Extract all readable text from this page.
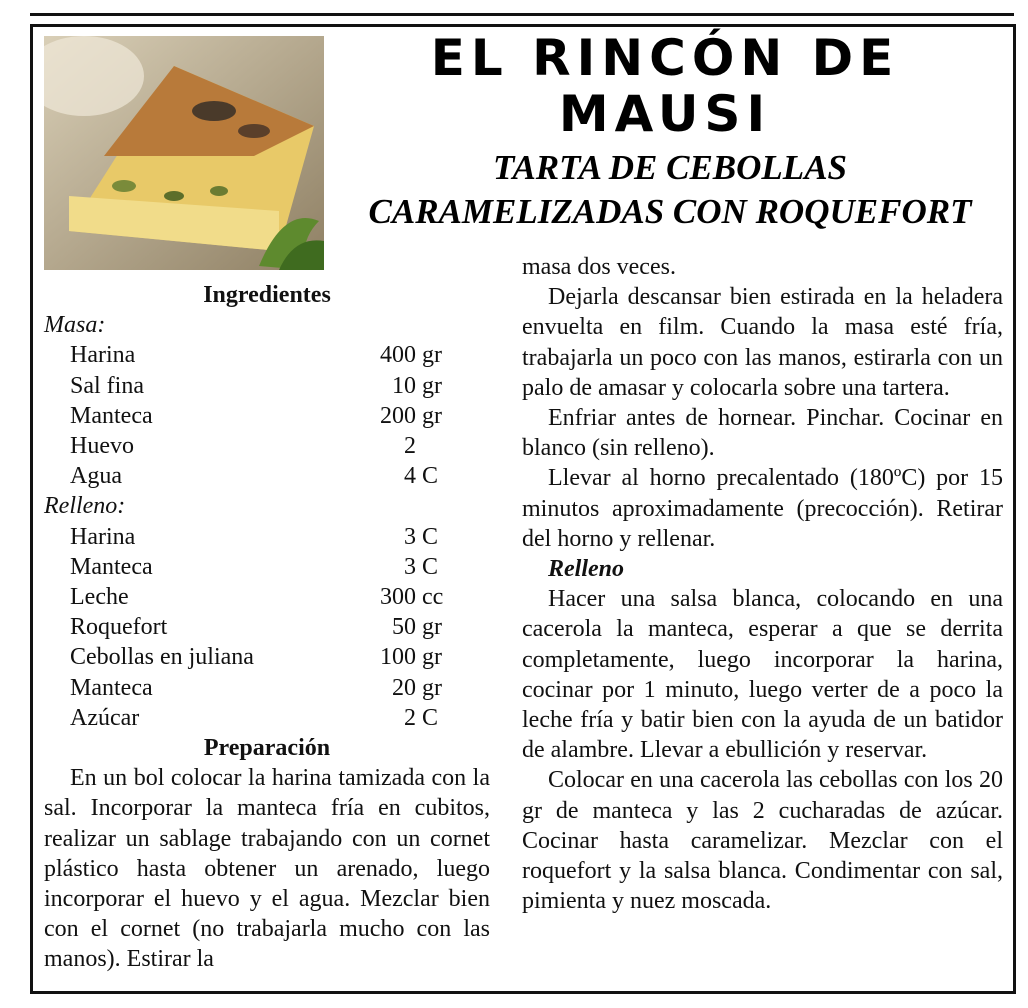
EL RINCÓN DE
MAUSI
TARTA DE CEBOLLAS
CARAMELIZADAS CON ROQUEFORT
Ingredientes
Masa:
Harina	400 gr
Sal fina	10 gr
Manteca	200 gr
Huevo	2
Agua	4 C
Relleno:
Harina	3 C
Manteca	3 C
Leche	300 cc
Roquefort	50 gr
Cebollas en juliana	100 gr
Manteca	20 gr
Azúcar	2 C
Preparación

En un bol colocar la harina tamizada con la sal. Incorporar la manteca fría en cubitos, realizar un sablage trabajando con un cornet plástico hasta obtener un arenado, luego incorporar el huevo y el agua. Mezclar bien con el cornet (no trabajarla mucho con las manos). Estirar la

masa dos veces.

Dejarla descansar bien estirada en la heladera envuelta en film. Cuando la masa esté fría, trabajarla un poco con las manos, estirarla con un palo de amasar y colocarla sobre una tartera.

Enfriar antes de hornear. Pinchar. Cocinar en blanco (sin relleno).

Llevar al horno precalentado (180ºC) por 15 minutos aproximadamente (precocción). Retirar del horno y rellenar.

Relleno

Hacer una salsa blanca, colocando en una cacerola la manteca, esperar a que se derrita completamente, luego incorporar la harina, cocinar por 1 minuto, luego verter de a poco la leche fría y batir bien con la ayuda de un batidor de alambre. Llevar a ebullición y reservar.

Colocar en una cacerola las cebollas con los 20 gr de manteca y las 2 cucharadas de azúcar. Cocinar hasta caramelizar. Mezclar con el roquefort y la salsa blanca. Condimentar con sal, pimienta y nuez moscada.
